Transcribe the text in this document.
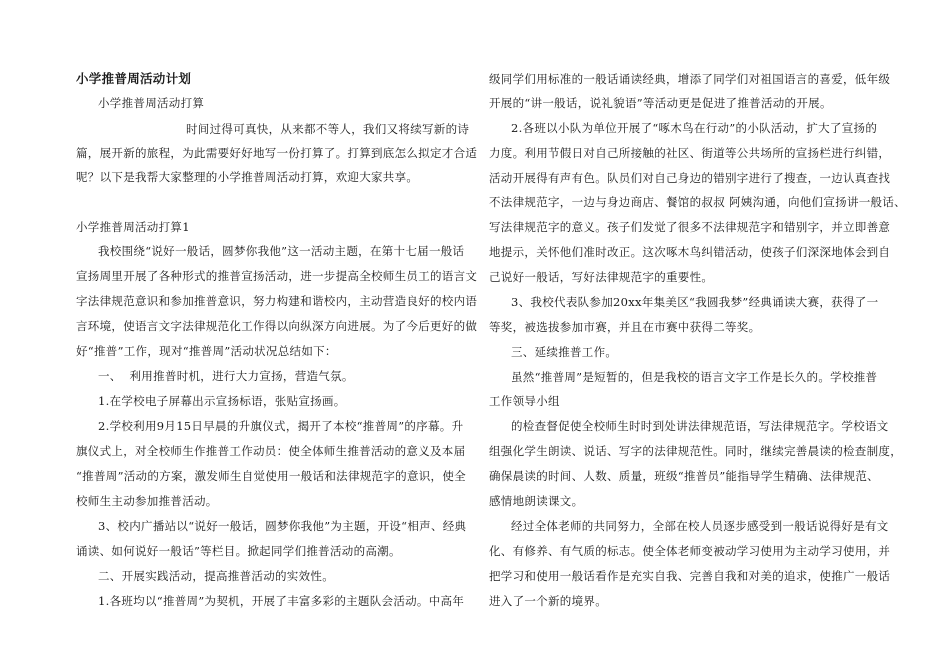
小学推普周活动计划
小学推普周活动打算
时间过得可真快，从来都不等人，我们又将续写新的诗
篇，展开新的旅程，为此需要好好地写一份打算了。打算到底怎么拟定才合适
呢？以下是我帮大家整理的小学推普周活动打算，欢迎大家共享。
小学推普周活动打算1
我校围绕“说好一般话，圆梦你我他”这一活动主题，在第十七届一般话
宣扬周里开展了各种形式的推普宣扬活动，进一步提高全校师生员工的语言文
字法律规范意识和参加推普意识，努力构建和谐校内，主动营造良好的校内语
言环境，使语言文字法律规范化工作得以向纵深方向进展。为了今后更好的做
好“推普”工作，现对“推普周”活动状况总结如下：
一、  利用推普时机，进行大力宣扬，营造气氛。
1.在学校电子屏幕出示宣扬标语，张贴宣扬画。
2.学校利用9月15日早晨的升旗仪式，揭开了本校“推普周”的序幕。升
旗仪式上，对全校师生作推普工作动员：使全体师生推普活动的意义及本届
“推普周”活动的方案，激发师生自觉使用一般话和法律规范字的意识，使全
校师生主动参加推普活动。
3、校内广播站以“说好一般话，圆梦你我他”为主题，开设“相声、经典
诵读、如何说好一般话”等栏目。掀起同学们推普活动的高潮。
二、开展实践活动，提高推普活动的实效性。
1.各班均以“推普周”为契机，开展了丰富多彩的主题队会活动。中高年
级同学们用标准的一般话诵读经典，增添了同学们对祖国语言的喜爱，低年级
开展的“讲一般话，说礼貌语”等活动更是促进了推普活动的开展。
2.各班以小队为单位开展了“啄木鸟在行动”的小队活动，扩大了宣扬的
力度。利用节假日对自己所接触的社区、街道等公共场所的宣扬栏进行纠错，
活动开展得有声有色。队员们对自己身边的错别字进行了搜查，一边认真查找
不法律规范字，一边与身边商店、餐馆的叔叔 阿姨沟通，向他们宣扬讲一般话、
写法律规范字的意义。孩子们发觉了很多不法律规范字和错别字，并立即善意
地提示，关怀他们准时改正。这次啄木鸟纠错活动，使孩子们深深地体会到自
己说好一般话，写好法律规范字的重要性。
3、我校代表队参加20xx年集美区“我圆我梦”经典诵读大赛，获得了一
等奖，被选拔参加市赛，并且在市赛中获得二等奖。
三、延续推普工作。
虽然“推普周”是短暂的，但是我校的语言文字工作是长久的。学校推普
工作领导小组
的检查督促使全校师生时时到处讲法律规范语，写法律规范字。学校语文
组强化学生朗读、说话、写字的法律规范性。同时，继续完善晨读的检查制度，
确保晨读的时间、人数、质量，班级“推普员”能指导学生精确、法律规范、
感情地朗读课文。
经过全体老师的共同努力，全部在校人员逐步感受到一般话说得好是有文
化、有修养、有气质的标志。使全体老师变被动学习使用为主动学习使用，并
把学习和使用一般话看作是充实自我、完善自我和对美的追求，使推广一般话
进入了一个新的境界。
